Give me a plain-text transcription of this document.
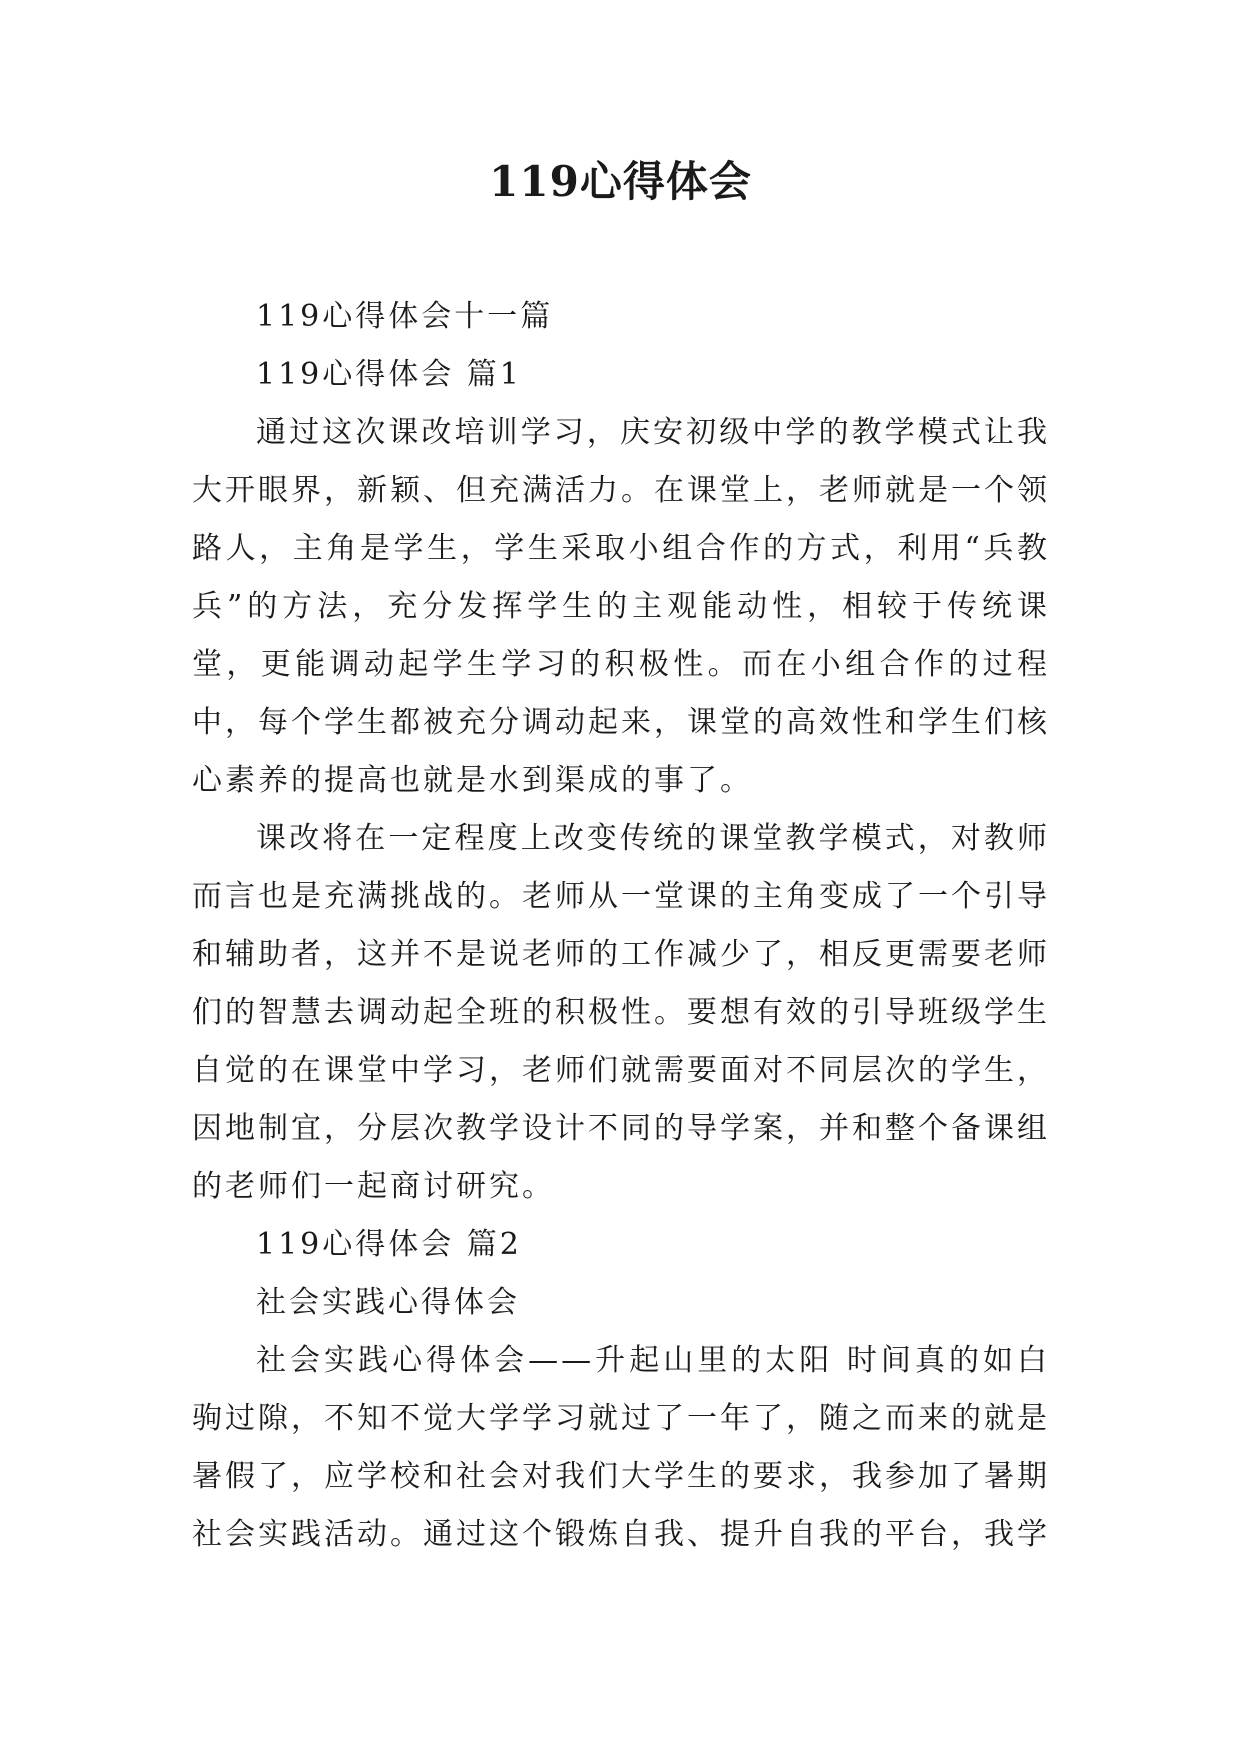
119心得体会

119心得体会十一篇

119心得体会 篇1

通过这次课改培训学习，庆安初级中学的教学模式让我大开眼界，新颖、但充满活力。在课堂上，老师就是一个领路人，主角是学生，学生采取小组合作的方式，利用“兵教兵”的方法，充分发挥学生的主观能动性，相较于传统课堂，更能调动起学生学习的积极性。而在小组合作的过程中，每个学生都被充分调动起来，课堂的高效性和学生们核心素养的提高也就是水到渠成的事了。

课改将在一定程度上改变传统的课堂教学模式，对教师而言也是充满挑战的。老师从一堂课的主角变成了一个引导和辅助者，这并不是说老师的工作减少了，相反更需要老师们的智慧去调动起全班的积极性。要想有效的引导班级学生自觉的在课堂中学习，老师们就需要面对不同层次的学生，因地制宜，分层次教学设计不同的导学案，并和整个备课组的老师们一起商讨研究。

119心得体会 篇2

社会实践心得体会

社会实践心得体会——升起山里的太阳 时间真的如白驹过隙，不知不觉大学学习就过了一年了，随之而来的就是暑假了，应学校和社会对我们大学生的要求，我参加了暑期社会实践活动。通过这个锻炼自我、提升自我的平台，我学
